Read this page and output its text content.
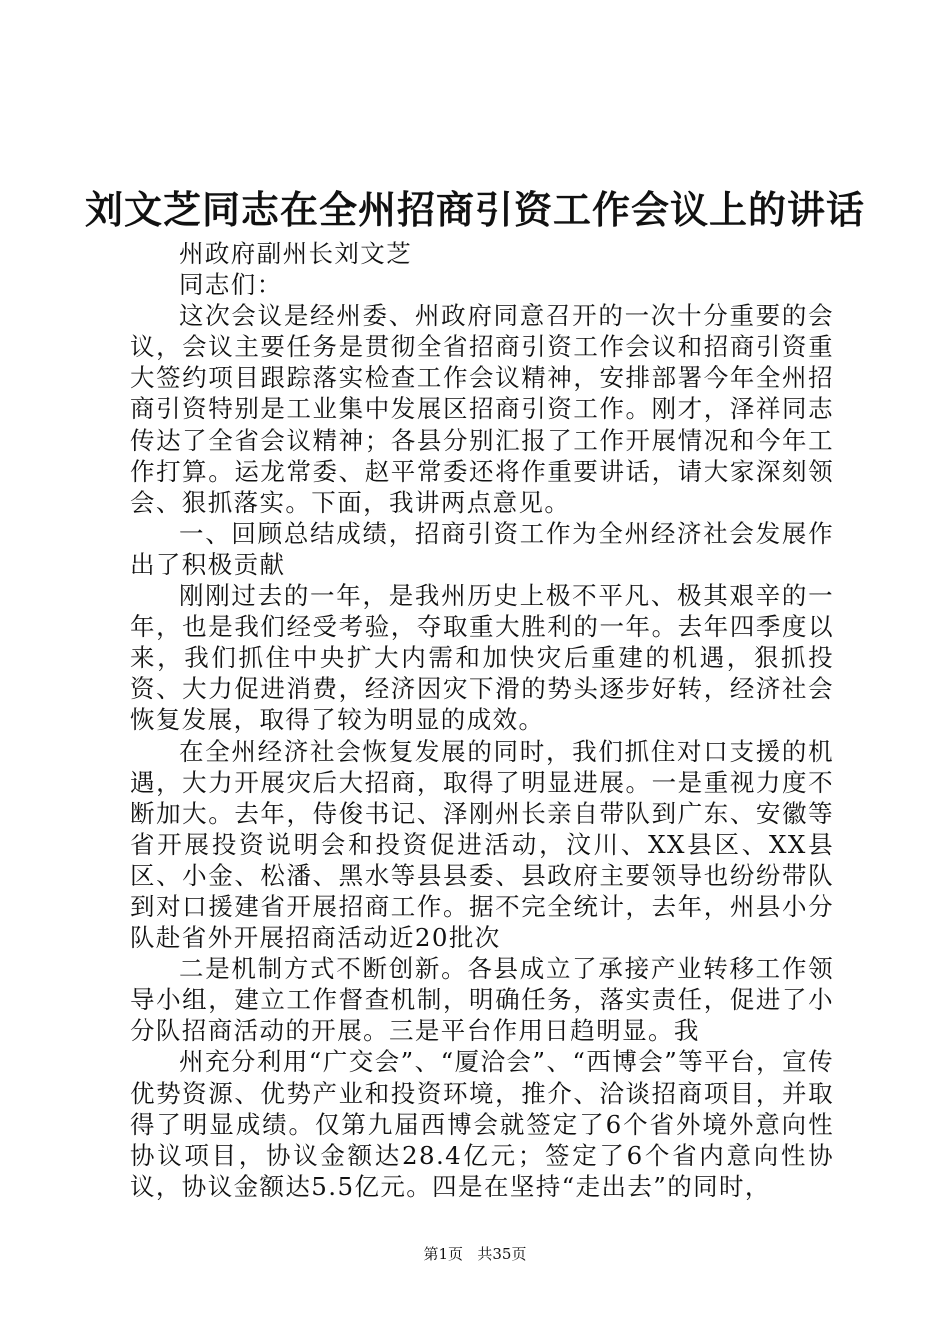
刘文芝同志在全州招商引资工作会议上的讲话

州政府副州长刘文芝

同志们：

这次会议是经州委、州政府同意召开的一次十分重要的会议，会议主要任务是贯彻全省招商引资工作会议和招商引资重大签约项目跟踪落实检查工作会议精神，安排部署今年全州招商引资特别是工业集中发展区招商引资工作。刚才，泽祥同志传达了全省会议精神；各县分别汇报了工作开展情况和今年工作打算。运龙常委、赵平常委还将作重要讲话，请大家深刻领会、狠抓落实。下面，我讲两点意见。

一、回顾总结成绩，招商引资工作为全州经济社会发展作出了积极贡献

刚刚过去的一年，是我州历史上极不平凡、极其艰辛的一年，也是我们经受考验，夺取重大胜利的一年。去年四季度以来，我们抓住中央扩大内需和加快灾后重建的机遇，狠抓投资、大力促进消费，经济因灾下滑的势头逐步好转，经济社会恢复发展，取得了较为明显的成效。

在全州经济社会恢复发展的同时，我们抓住对口支援的机遇，大力开展灾后大招商，取得了明显进展。一是重视力度不断加大。去年，侍俊书记、泽刚州长亲自带队到广东、安徽等省开展投资说明会和投资促进活动，汶川、XX县区、XX县区、小金、松潘、黑水等县县委、县政府主要领导也纷纷带队到对口援建省开展招商工作。据不完全统计，去年，州县小分队赴省外开展招商活动近20批次

二是机制方式不断创新。各县成立了承接产业转移工作领导小组，建立工作督查机制，明确任务，落实责任，促进了小分队招商活动的开展。三是平台作用日趋明显。我

州充分利用“广交会”、“厦洽会”、“西博会”等平台，宣传优势资源、优势产业和投资环境，推介、洽谈招商项目，并取得了明显成绩。仅第九届西博会就签定了6个省外境外意向性协议项目，协议金额达28.4亿元；签定了6个省内意向性协议，协议金额达5.5亿元。四是在坚持“走出去”的同时，

第1页 共35页
